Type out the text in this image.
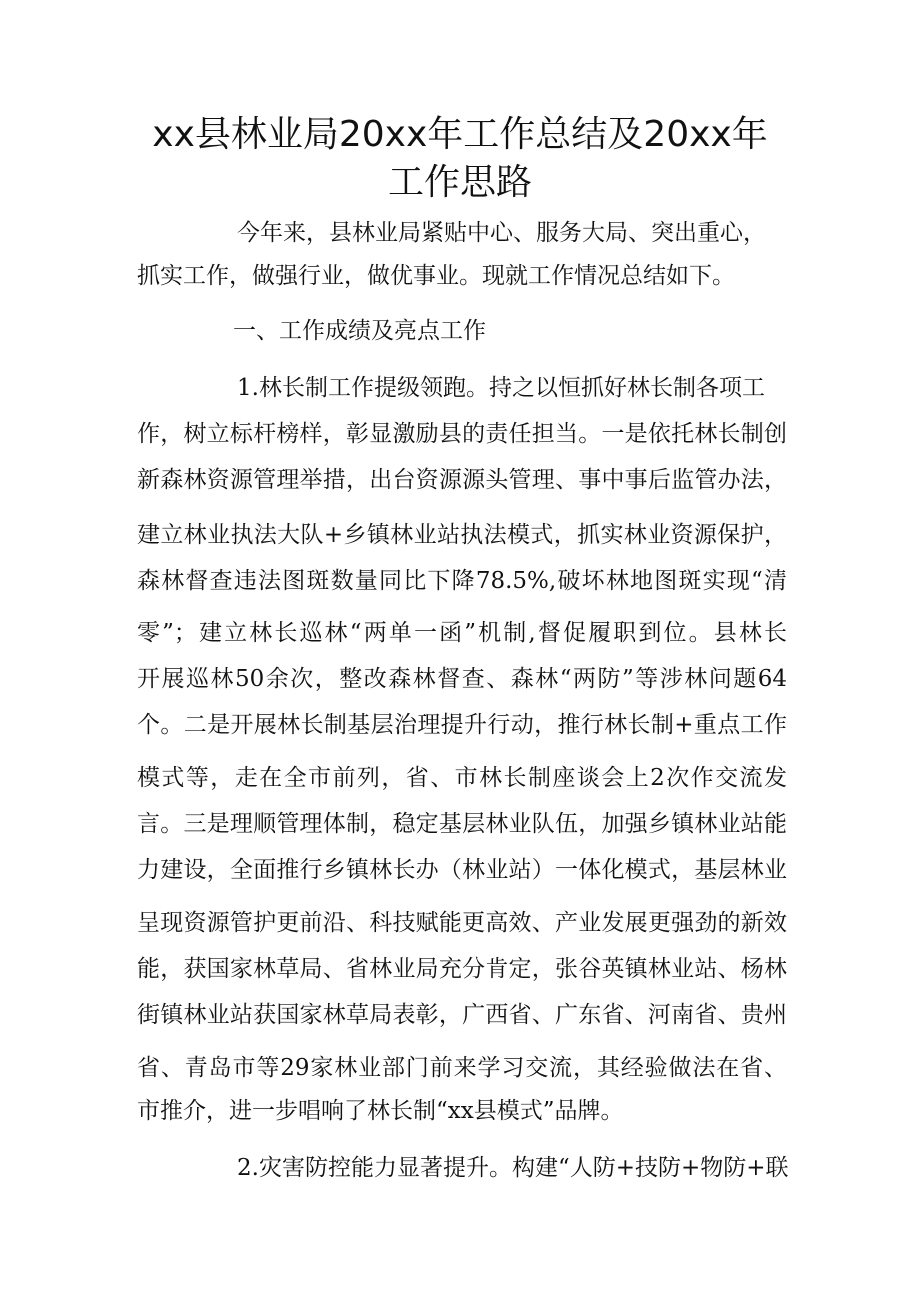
xx县林业局20xx年工作总结及20xx年
工作思路

今年来，县林业局紧贴中心、服务大局、突出重心，

抓实工作，做强行业，做优事业。现就工作情况总结如下。

一、工作成绩及亮点工作

1.林长制工作提级领跑。持之以恒抓好林长制各项工

作，树立标杆榜样，彰显激励县的责任担当。一是依托林长制创

新森林资源管理举措，出台资源源头管理、事中事后监管办法，

建立林业执法大队+乡镇林业站执法模式，抓实林业资源保护，

森林督查违法图斑数量同比下降78.5%,破坏林地图斑实现“清

零”；建立林长巡林“两单一函”机制,督促履职到位。县林长

开展巡林50余次，整改森林督查、森林“两防”等涉林问题64

个。二是开展林长制基层治理提升行动，推行林长制+重点工作

模式等，走在全市前列，省、市林长制座谈会上2次作交流发

言。三是理顺管理体制，稳定基层林业队伍，加强乡镇林业站能

力建设，全面推行乡镇林长办（林业站）一体化模式，基层林业

呈现资源管护更前沿、科技赋能更高效、产业发展更强劲的新效

能，获国家林草局、省林业局充分肯定，张谷英镇林业站、杨林

街镇林业站获国家林草局表彰，广西省、广东省、河南省、贵州

省、青岛市等29家林业部门前来学习交流，其经验做法在省、

市推介，进一步唱响了林长制“xx县模式”品牌。

2.灾害防控能力显著提升。构建“人防+技防+物防+联
